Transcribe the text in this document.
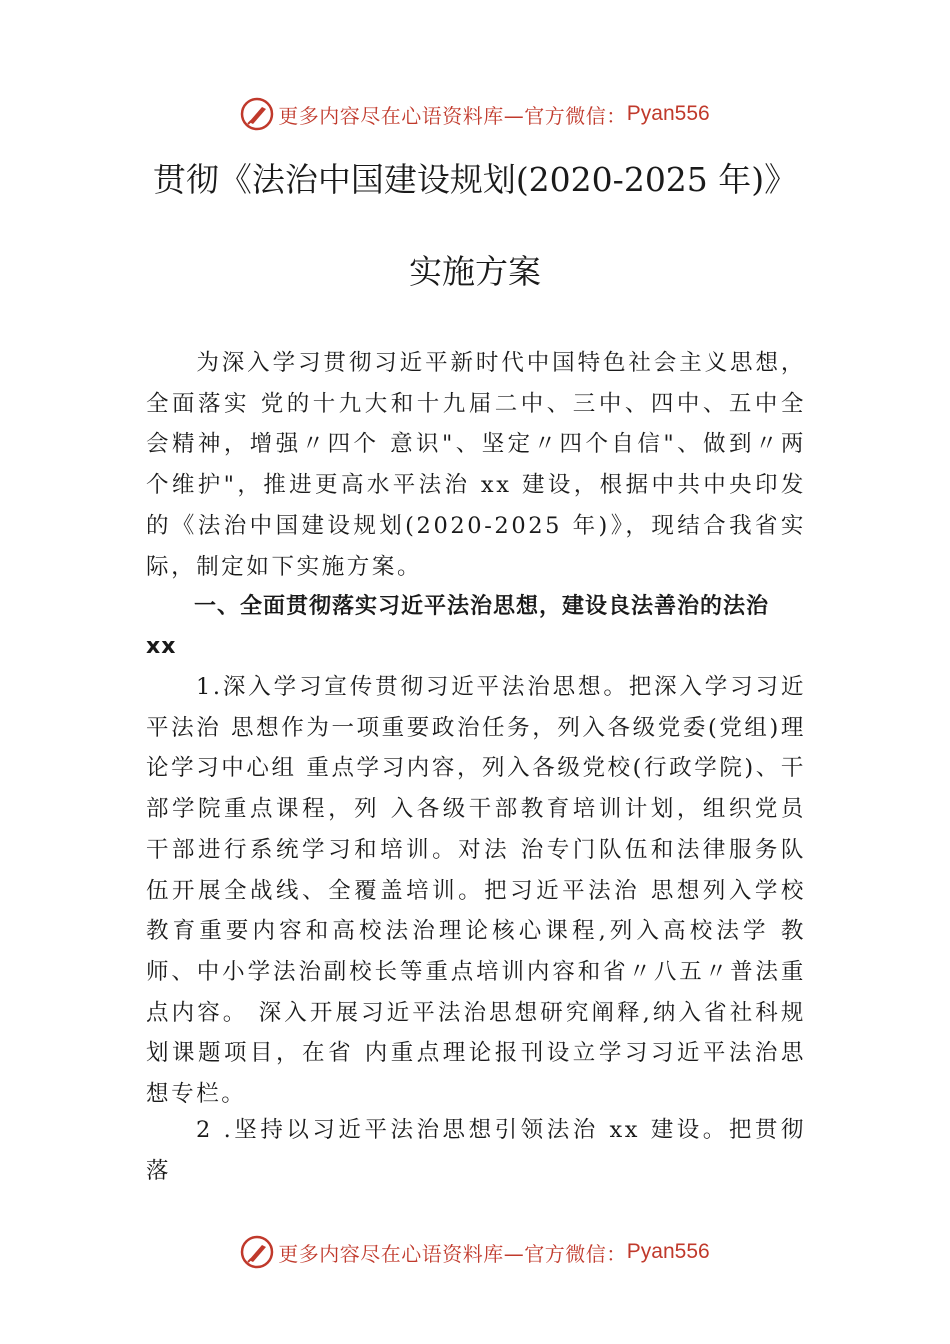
更多内容尽在心语资料库—官方微信： Pyan556
贯彻《法治中国建设规划(2020-2025 年)》
实施方案

为深入学习贯彻习近平新时代中国特色社会主义思想，全面落实 党的十九大和十九届二中、三中、四中、五中全会精神，增强〃四个 意识"、坚定〃四个自信"、做到〃两个维护"，推进更高水平法治 xx 建设，根据中共中央印发的《法治中国建设规划(2020-2025 年)》，现结合我省实际，制定如下实施方案。

一、全面贯彻落实习近平法治思想，建设良法善治的法治 xx

1.深入学习宣传贯彻习近平法治思想。把深入学习习近平法治 思想作为一项重要政治任务，列入各级党委(党组)理论学习中心组 重点学习内容，列入各级党校(行政学院)、干部学院重点课程，列 入各级干部教育培训计划，组织党员干部进行系统学习和培训。对法 治专门队伍和法律服务队伍开展全战线、全覆盖培训。把习近平法治 思想列入学校教育重要内容和高校法治理论核心课程,列入高校法学 教师、中小学法治副校长等重点培训内容和省〃八五〃普法重点内容。 深入开展习近平法治思想研究阐释,纳入省社科规划课题项目，在省 内重点理论报刊设立学习习近平法治思想专栏。

2 .坚持以习近平法治思想引领法治 xx 建设。把贯彻落

更多内容尽在心语资料库—官方微信： Pyan556
